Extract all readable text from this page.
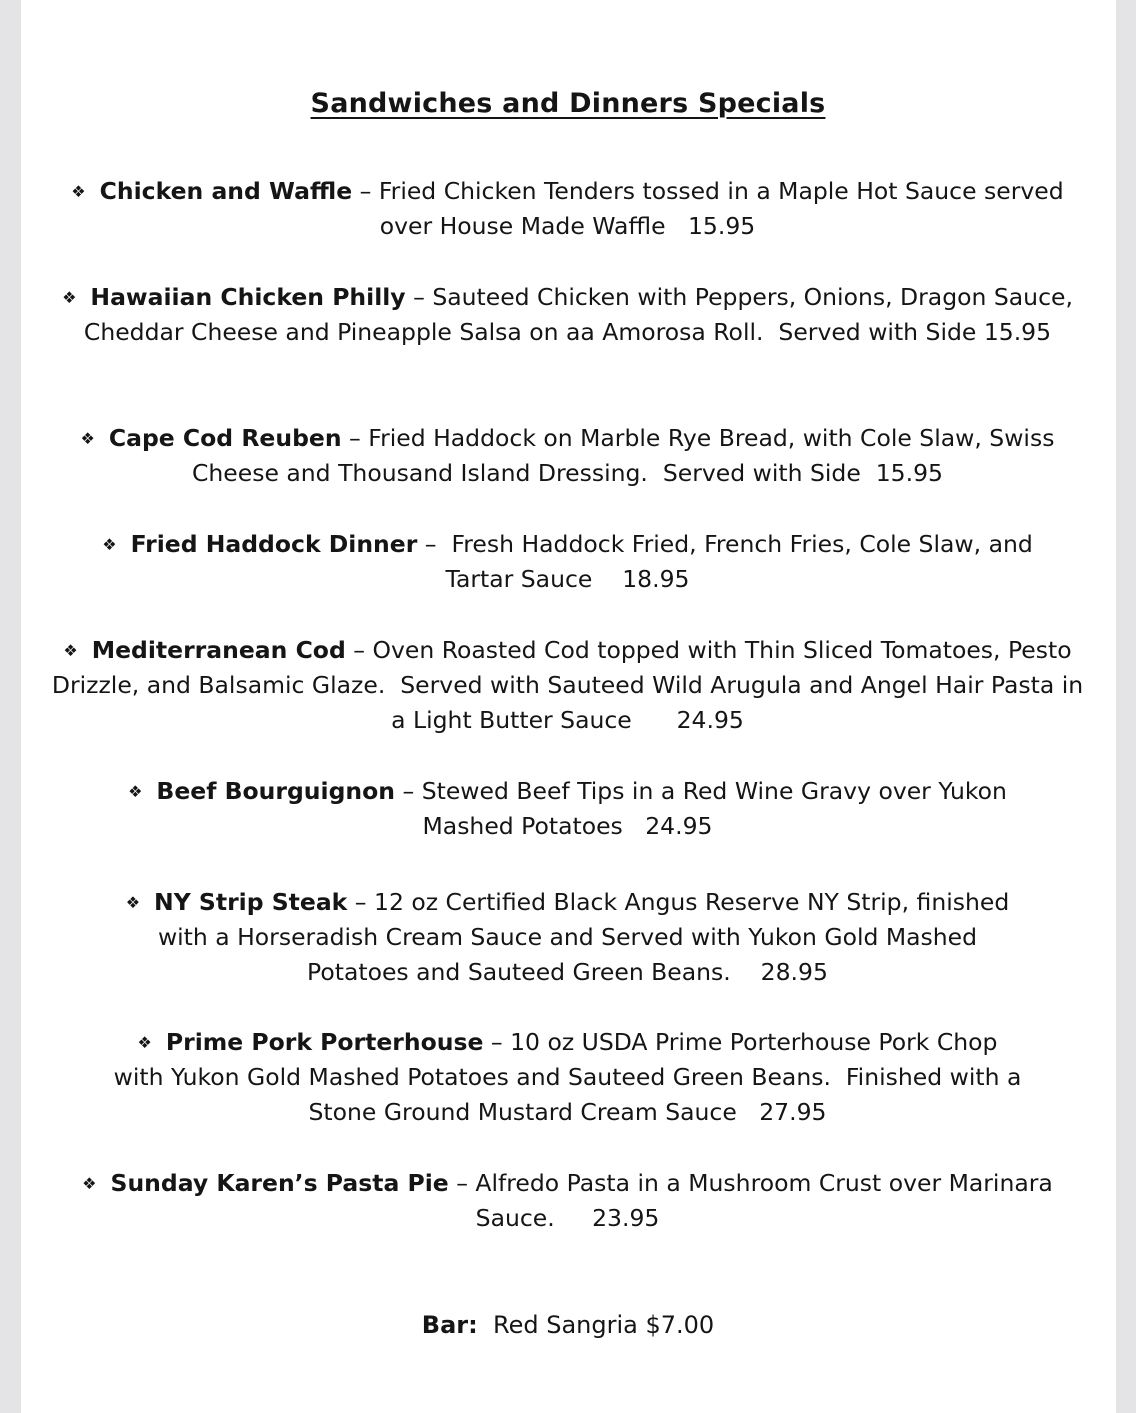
Sandwiches and Dinners Specials
❖ Chicken and Waffle – Fried Chicken Tenders tossed in a Maple Hot Sauce served over House Made Waffle   15.95
❖ Hawaiian Chicken Philly – Sauteed Chicken with Peppers, Onions, Dragon Sauce, Cheddar Cheese and Pineapple Salsa on aa Amorosa Roll.  Served with Side 15.95
❖ Cape Cod Reuben – Fried Haddock on Marble Rye Bread, with Cole Slaw, Swiss Cheese and Thousand Island Dressing.  Served with Side  15.95
❖ Fried Haddock Dinner –  Fresh Haddock Fried, French Fries, Cole Slaw, and Tartar Sauce    18.95
❖ Mediterranean Cod – Oven Roasted Cod topped with Thin Sliced Tomatoes, Pesto Drizzle, and Balsamic Glaze.  Served with Sauteed Wild Arugula and Angel Hair Pasta in a Light Butter Sauce      24.95
❖ Beef Bourguignon – Stewed Beef Tips in a Red Wine Gravy over Yukon Mashed Potatoes   24.95
❖ NY Strip Steak – 12 oz Certified Black Angus Reserve NY Strip, finished with a Horseradish Cream Sauce and Served with Yukon Gold Mashed Potatoes and Sauteed Green Beans.    28.95
❖ Prime Pork Porterhouse – 10 oz USDA Prime Porterhouse Pork Chop with Yukon Gold Mashed Potatoes and Sauteed Green Beans.  Finished with a Stone Ground Mustard Cream Sauce   27.95
❖ Sunday Karen’s Pasta Pie – Alfredo Pasta in a Mushroom Crust over Marinara Sauce.     23.95
Bar: Red Sangria $7.00
